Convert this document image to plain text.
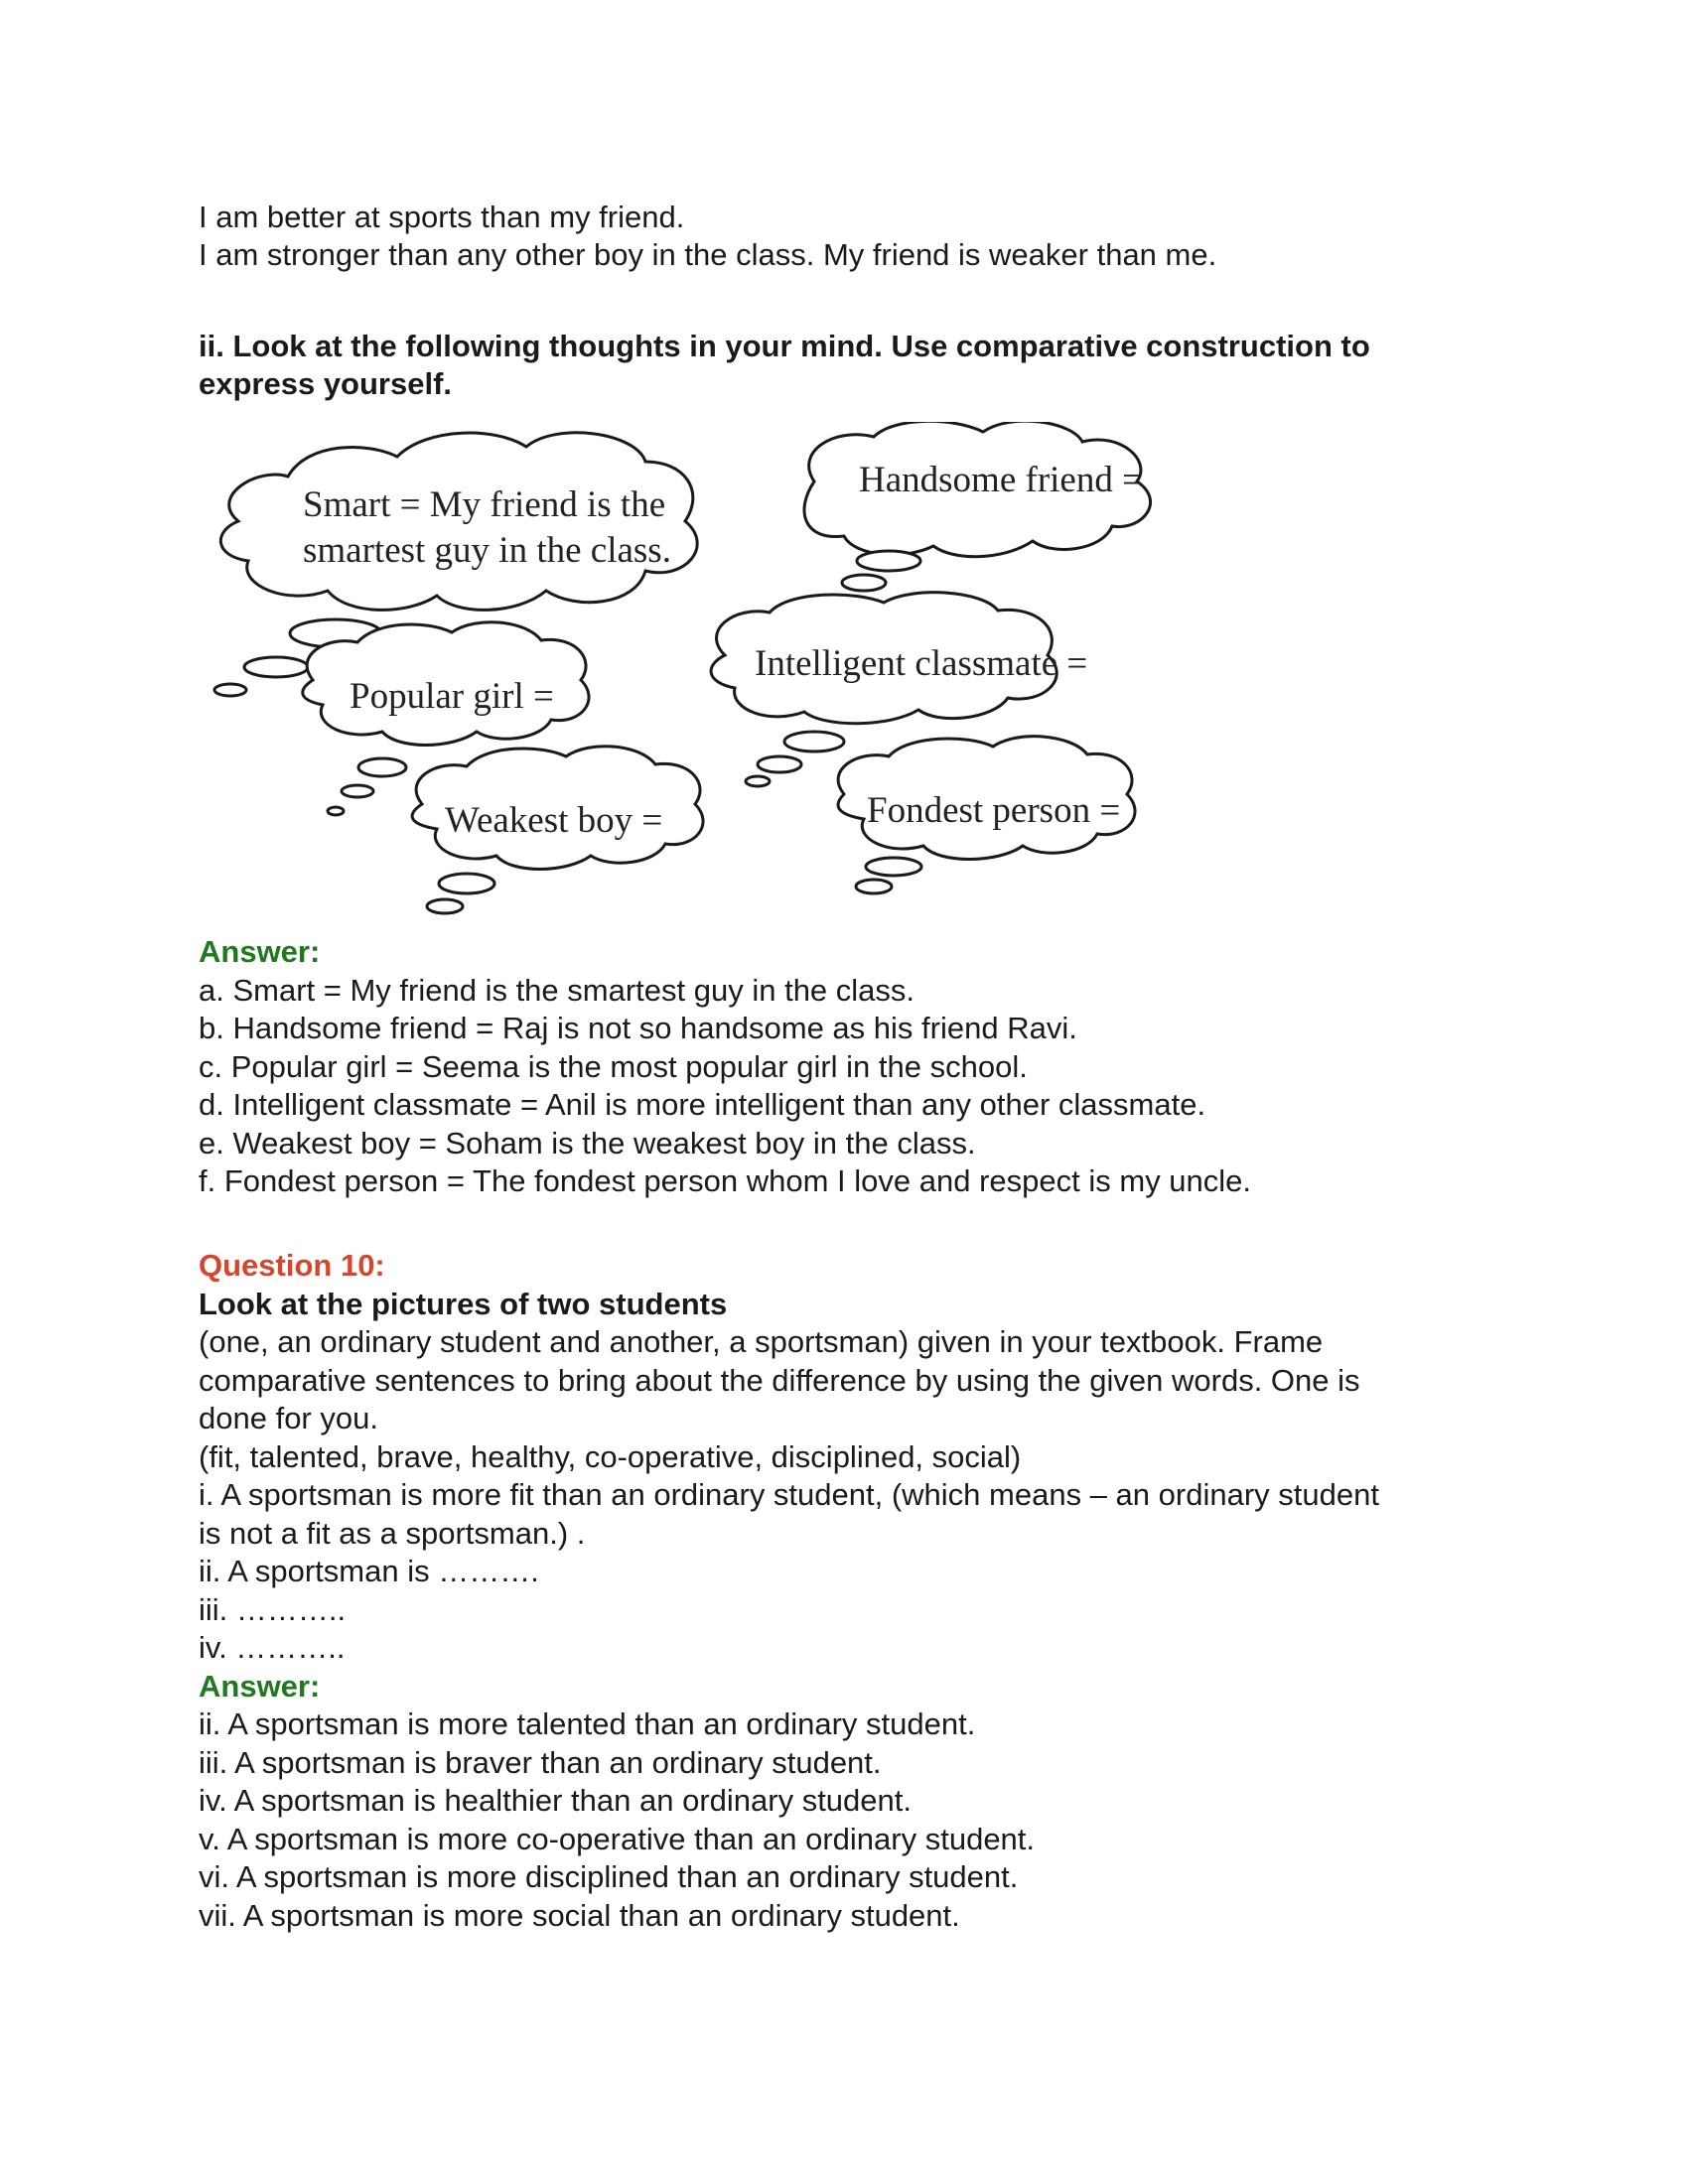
I am better at sports than my friend.
I am stronger than any other boy in the class. My friend is weaker than me.
ii. Look at the following thoughts in your mind. Use comparative construction to
express yourself.
Smart = My friend is the
smartest guy in the class.
Handsome friend =
Popular girl =
Intelligent classmate =
Weakest boy =	Fondest person =
Answer:
a. Smart = My friend is the smartest guy in the class.
b. Handsome friend = Raj is not so handsome as his friend Ravi.
c. Popular girl = Seema is the most popular girl in the school.
d. Intelligent classmate = Anil is more intelligent than any other classmate.
e. Weakest boy = Soham is the weakest boy in the class.
f. Fondest person = The fondest person whom I love and respect is my uncle.
Question 10:
Look at the pictures of two students
(one, an ordinary student and another, a sportsman) given in your textbook. Frame
comparative sentences to bring about the difference by using the given words. One is
done for you.
(fit, talented, brave, healthy, co-operative, disciplined, social)
i. A sportsman is more fit than an ordinary student, (which means – an ordinary student
is not a fit as a sportsman.) .
ii. A sportsman is ……….
iii. ………..
iv. ………..
Answer:
ii. A sportsman is more talented than an ordinary student.
iii. A sportsman is braver than an ordinary student.
iv. A sportsman is healthier than an ordinary student.
v. A sportsman is more co-operative than an ordinary student.
vi. A sportsman is more disciplined than an ordinary student.
vii. A sportsman is more social than an ordinary student.
